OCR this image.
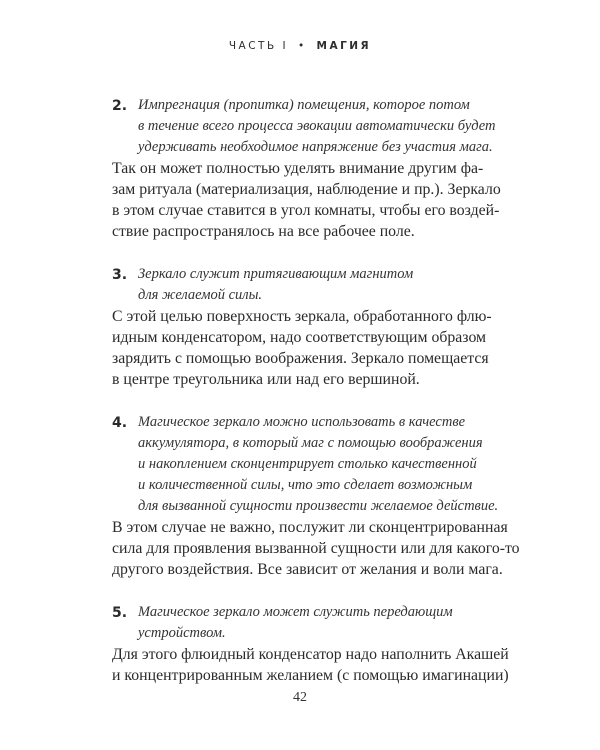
ЧАСТЬ I • МАГИЯ
2. Импрегнация (пропитка) помещения, которое потом
в течение всего процесса эвокации автоматически будет
удерживать необходимое напряжение без участия мага.
Так он может полностью уделять внимание другим фа-
зам ритуала (материализация, наблюдение и пр.). Зеркало
в этом случае ставится в угол комнаты, чтобы его воздей-
ствие распространялось на все рабочее поле.
3. Зеркало служит притягивающим магнитом
для желаемой силы.
С этой целью поверхность зеркала, обработанного флю-
идным конденсатором, надо соответствующим образом
зарядить с помощью воображения. Зеркало помещается
в центре треугольника или над его вершиной.
4. Магическое зеркало можно использовать в качестве
аккумулятора, в который маг с помощью воображения
и накоплением сконцентрирует столько качественной
и количественной силы, что это сделает возможным
для вызванной сущности произвести желаемое действие.
В этом случае не важно, послужит ли сконцентрированная
сила для проявления вызванной сущности или для какого-то
другого воздействия. Все зависит от желания и воли мага.
5. Магическое зеркало может служить передающим
устройством.
Для этого флюидный конденсатор надо наполнить Акашей
и концентрированным желанием (с помощью имагинации)
42
